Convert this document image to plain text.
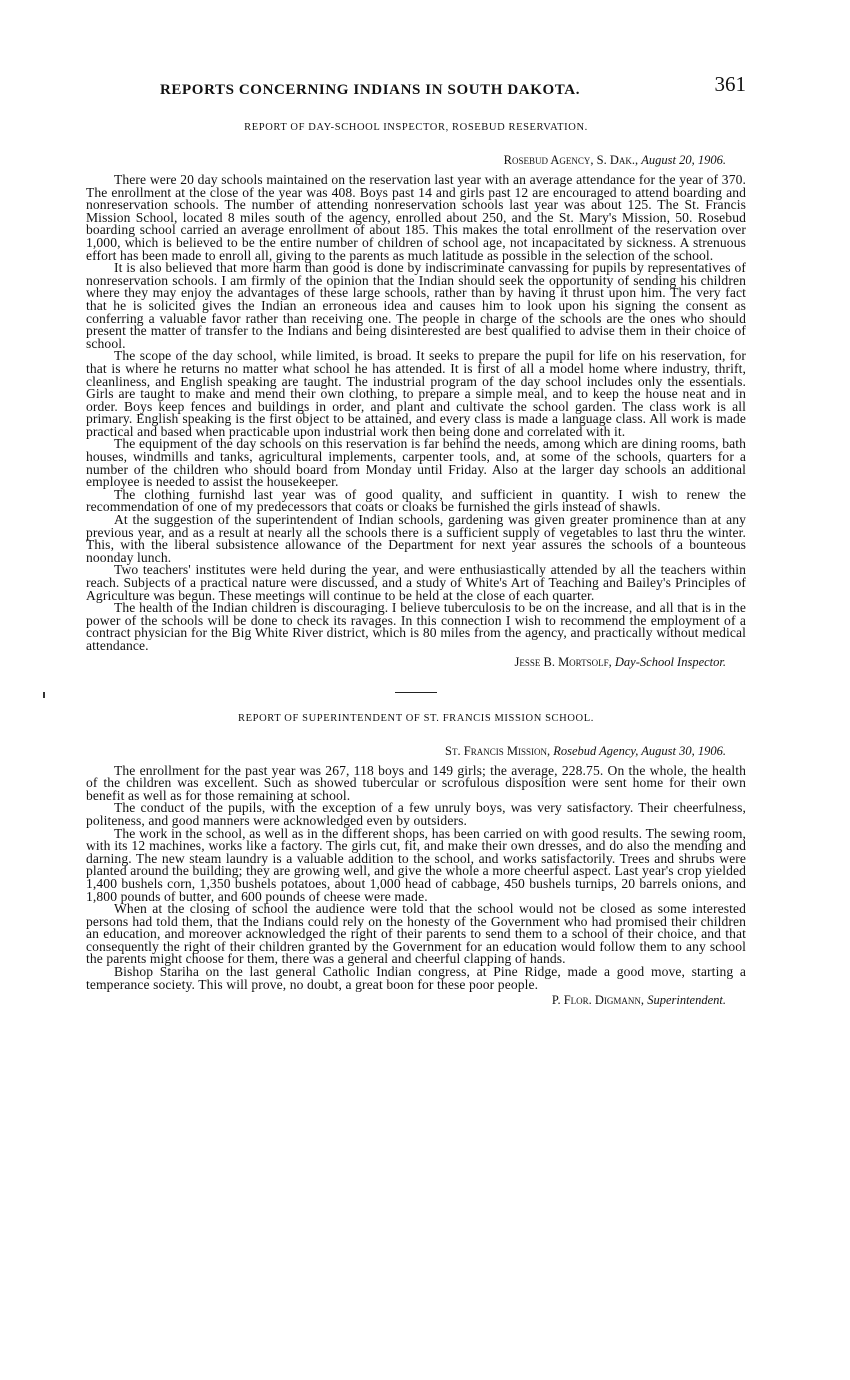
REPORTS CONCERNING INDIANS IN SOUTH DAKOTA.	361
REPORT OF DAY-SCHOOL INSPECTOR, ROSEBUD RESERVATION.
Rosebud Agency, S. Dak., August 20, 1906.

There were 20 day schools maintained on the reservation last year with an average attendance for the year of 370. The enrollment at the close of the year was 408. Boys past 14 and girls past 12 are encouraged to attend boarding and nonreservation schools. The number of attending nonreservation schools last year was about 125. The St. Francis Mission School, located 8 miles south of the agency, enrolled about 250, and the St. Mary's Mission, 50. Rosebud boarding school carried an average enrollment of about 185. This makes the total enrollment of the reservation over 1,000, which is believed to be the entire number of children of school age, not incapacitated by sickness. A strenuous effort has been made to enroll all, giving to the parents as much latitude as possible in the selection of the school.

It is also believed that more harm than good is done by indiscriminate canvassing for pupils by representatives of nonreservation schools. I am firmly of the opinion that the Indian should seek the opportunity of sending his children where they may enjoy the advantages of these large schools, rather than by having it thrust upon him. The very fact that he is solicited gives the Indian an erroneous idea and causes him to look upon his signing the consent as conferring a valuable favor rather than receiving one. The people in charge of the schools are the ones who should present the matter of transfer to the Indians and being disinterested are best qualified to advise them in their choice of school.

The scope of the day school, while limited, is broad. It seeks to prepare the pupil for life on his reservation, for that is where he returns no matter what school he has attended. It is first of all a model home where industry, thrift, cleanliness, and English speaking are taught. The industrial program of the day school includes only the essentials. Girls are taught to make and mend their own clothing, to prepare a simple meal, and to keep the house neat and in order. Boys keep fences and buildings in order, and plant and cultivate the school garden. The class work is all primary. English speaking is the first object to be attained, and every class is made a language class. All work is made practical and based when practicable upon industrial work then being done and correlated with it.

The equipment of the day schools on this reservation is far behind the needs, among which are dining rooms, bath houses, windmills and tanks, agricultural implements, carpenter tools, and, at some of the schools, quarters for a number of the children who should board from Monday until Friday. Also at the larger day schools an additional employee is needed to assist the housekeeper.

The clothing furnishd last year was of good quality, and sufficient in quantity. I wish to renew the recommendation of one of my predecessors that coats or cloaks be furnished the girls instead of shawls.

At the suggestion of the superintendent of Indian schools, gardening was given greater prominence than at any previous year, and as a result at nearly all the schools there is a sufficient supply of vegetables to last thru the winter. This, with the liberal subsistence allowance of the Department for next year assures the schools of a bounteous noonday lunch.

Two teachers' institutes were held during the year, and were enthusiastically attended by all the teachers within reach. Subjects of a practical nature were discussed, and a study of White's Art of Teaching and Bailey's Principles of Agriculture was begun. These meetings will continue to be held at the close of each quarter.

The health of the Indian children is discouraging. I believe tuberculosis to be on the increase, and all that is in the power of the schools will be done to check its ravages. In this connection I wish to recommend the employment of a contract physician for the Big White River district, which is 80 miles from the agency, and practically without medical attendance.

Jesse B. Mortsolf, Day-School Inspector.
REPORT OF SUPERINTENDENT OF ST. FRANCIS MISSION SCHOOL.
St. Francis Mission, Rosebud Agency, August 30, 1906.

The enrollment for the past year was 267, 118 boys and 149 girls; the average, 228.75. On the whole, the health of the children was excellent. Such as showed tubercular or scrofulous disposition were sent home for their own benefit as well as for those remaining at school.

The conduct of the pupils, with the exception of a few unruly boys, was very satisfactory. Their cheerfulness, politeness, and good manners were acknowledged even by outsiders.

The work in the school, as well as in the different shops, has been carried on with good results. The sewing room, with its 12 machines, works like a factory. The girls cut, fit, and make their own dresses, and do also the mending and darning. The new steam laundry is a valuable addition to the school, and works satisfactorily. Trees and shrubs were planted around the building; they are growing well, and give the whole a more cheerful aspect. Last year's crop yielded 1,400 bushels corn, 1,350 bushels potatoes, about 1,000 head of cabbage, 450 bushels turnips, 20 barrels onions, and 1,800 pounds of butter, and 600 pounds of cheese were made.

When at the closing of school the audience were told that the school would not be closed as some interested persons had told them, that the Indians could rely on the honesty of the Government who had promised their children an education, and moreover acknowledged the right of their parents to send them to a school of their choice, and that consequently the right of their children granted by the Government for an education would follow them to any school the parents might choose for them, there was a general and cheerful clapping of hands.

Bishop Stariha on the last general Catholic Indian congress, at Pine Ridge, made a good move, starting a temperance society. This will prove, no doubt, a great boon for these poor people.

P. Flor. Digmann, Superintendent.
